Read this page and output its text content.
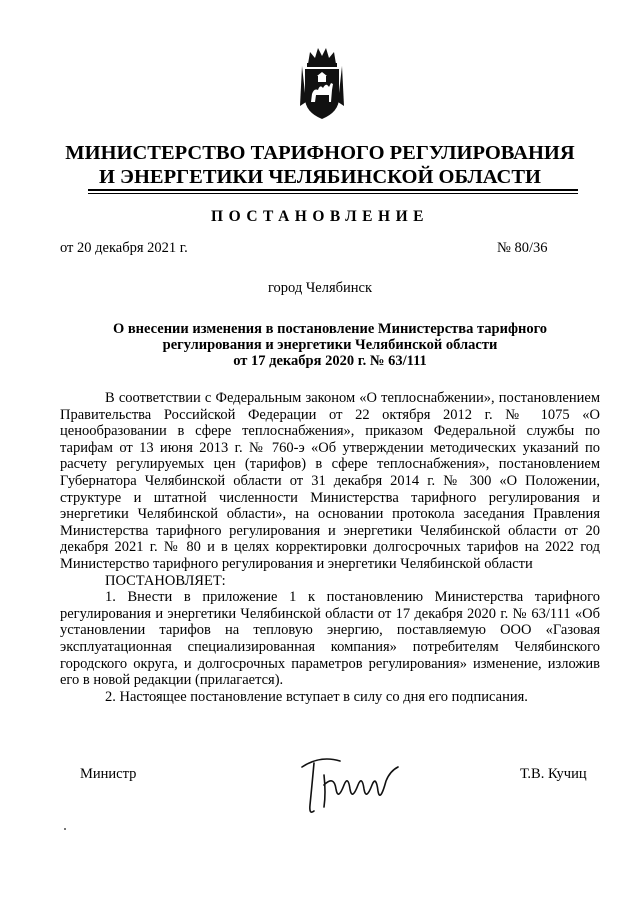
МИНИСТЕРСТВО ТАРИФНОГО РЕГУЛИРОВАНИЯ
И ЭНЕРГЕТИКИ ЧЕЛЯБИНСКОЙ ОБЛАСТИ
ПОСТАНОВЛЕНИЕ
от 20 декабря 2021 г.	№ 80/36
город Челябинск
О внесении изменения в постановление Министерства тарифного
регулирования и энергетики Челябинской области
от 17 декабря 2020 г. № 63/111

В соответствии с Федеральным законом «О теплоснабжении», постановлением Правительства Российской Федерации от 22 октября 2012 г. № 1075 «О ценообразовании в сфере теплоснабжения», приказом Федеральной службы по тарифам от 13 июня 2013 г. № 760-э «Об утверждении методических указаний по расчету регулируемых цен (тарифов) в сфере теплоснабжения», постановлением Губернатора Челябинской области от 31 декабря 2014 г. № 300 «О Положении, структуре и штатной численности Министерства тарифного регулирования и энергетики Челябинской области», на основании протокола заседания Правления Министерства тарифного регулирования и энергетики Челябинской области от 20 декабря 2021 г. № 80 и в целях корректировки долгосрочных тарифов на 2022 год Министерство тарифного регулирования и энергетики Челябинской области

ПОСТАНОВЛЯЕТ:

1. Внести в приложение 1 к постановлению Министерства тарифного регулирования и энергетики Челябинской области от 17 декабря 2020 г. № 63/111 «Об установлении тарифов на тепловую энергию, поставляемую ООО «Газовая эксплуатационная специализированная компания» потребителям Челябинского городского округа, и долгосрочных параметров регулирования» изменение, изложив его в новой редакции (прилагается).

2. Настоящее постановление вступает в силу со дня его подписания.

Министр	Т.В. Кучиц
